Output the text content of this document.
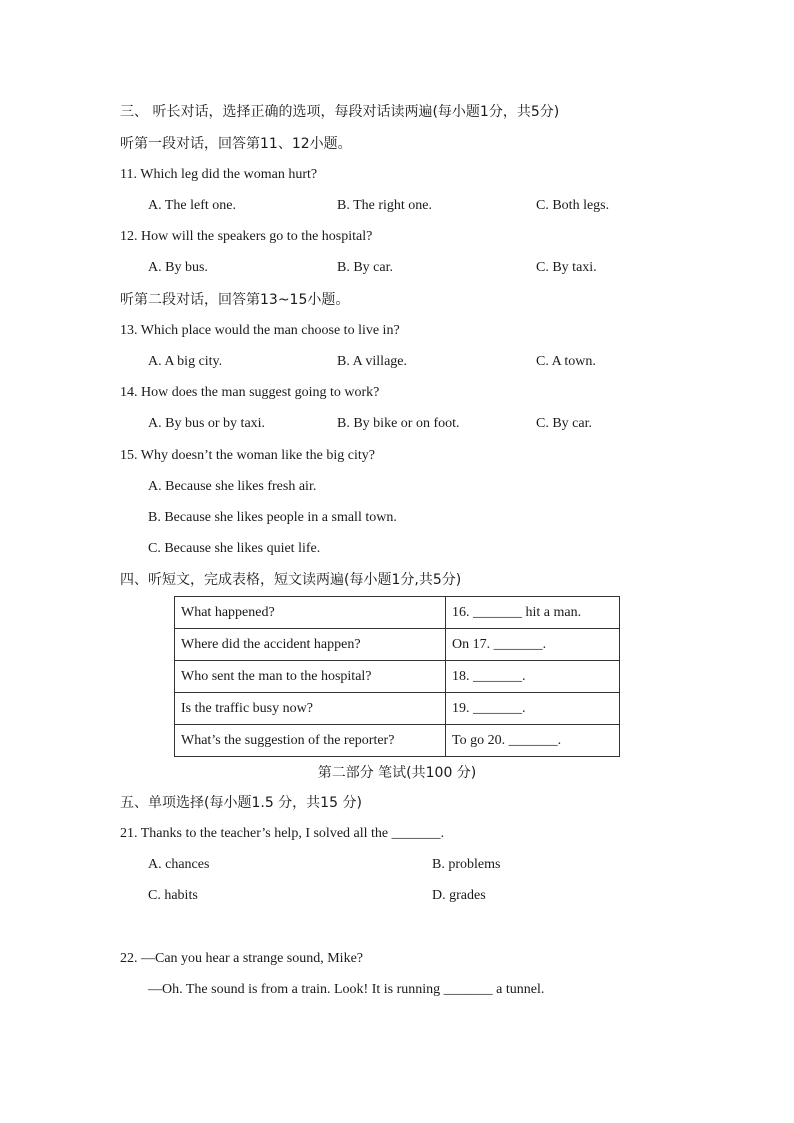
三、 听长对话，选择正确的选项，每段对话读两遍(每小题1分，共5分)
听第一段对话，回答第11、12小题。
11. Which leg did the woman hurt?
A. The left one.	B. The right one.	C. Both legs.
12. How will the speakers go to the hospital?
A. By bus.	B. By car.	C. By taxi.
听第二段对话，回答第13~15小题。
13. Which place would the man choose to live in?
A. A big city.	B. A village.	C. A town.
14. How does the man suggest going to work?
A. By bus or by taxi.	B. By bike or on foot.	C. By car.
15. Why doesn’t the woman like the big city?
A. Because she likes fresh air.
B. Because she likes people in a small town.
C. Because she likes quiet life.
四、听短文，完成表格，短文读两遍(每小题1分,共5分)
What happened?	16. _______ hit a man.
Where did the accident happen?	On 17. _______.
Who sent the man to the hospital?	18. _______.
Is the traffic busy now?	19. _______.
What’s the suggestion of the reporter?	To go 20. _______.
第二部分 笔试(共100 分)
五、单项选择(每小题1.5 分，共15 分)
21. Thanks to the teacher’s help, I solved all the _______.
A. chances	B. problems
C. habits	D. grades
22. —Can you hear a strange sound, Mike?
—Oh. The sound is from a train. Look! It is running _______ a tunnel.
